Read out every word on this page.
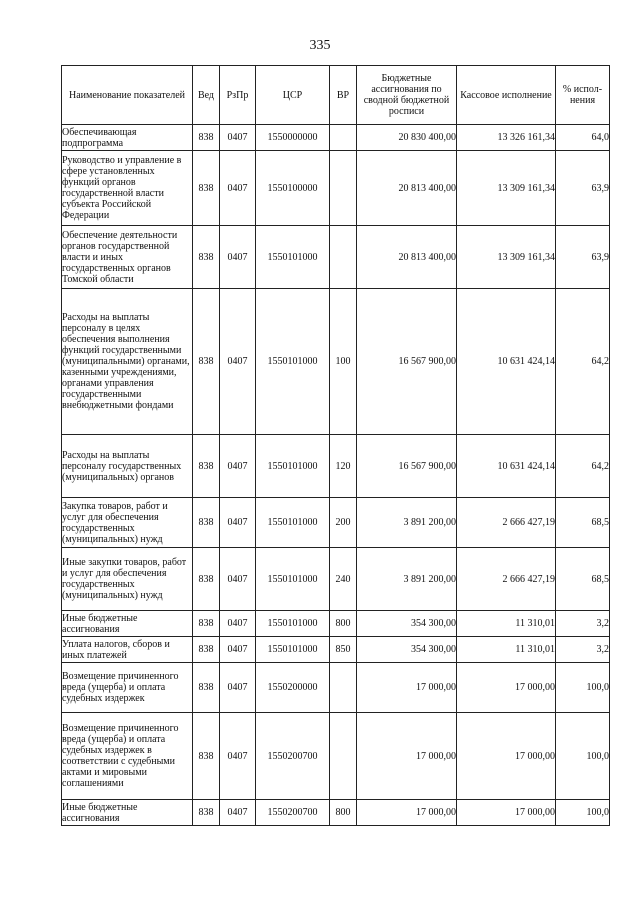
335
Наименование показателей	Вед	РзПр	ЦСР	ВР	Бюджетные ассигнования по сводной бюджетной росписи	Кассовое исполнение	% испол-нения
Обеспечивающая подпрограмма	838	0407	1550000000		20 830 400,00	13 326 161,34	64,0
Руководство и управление в сфере установленных функций органов государственной власти субъекта Российской Федерации	838	0407	1550100000		20 813 400,00	13 309 161,34	63,9
Обеспечение деятельности органов государственной власти и иных государственных органов Томской области	838	0407	1550101000		20 813 400,00	13 309 161,34	63,9
Расходы на выплаты персоналу в целях обеспечения выполнения функций государственными (муниципальными) органами, казенными учреждениями, органами управления государственными внебюджетными фондами	838	0407	1550101000	100	16 567 900,00	10 631 424,14	64,2
Расходы на выплаты персоналу государственных (муниципальных) органов	838	0407	1550101000	120	16 567 900,00	10 631 424,14	64,2
Закупка товаров, работ и услуг для обеспечения государственных (муниципальных) нужд	838	0407	1550101000	200	3 891 200,00	2 666 427,19	68,5
Иные закупки товаров, работ и услуг для обеспечения государственных (муниципальных) нужд	838	0407	1550101000	240	3 891 200,00	2 666 427,19	68,5
Иные бюджетные ассигнования	838	0407	1550101000	800	354 300,00	11 310,01	3,2
Уплата налогов, сборов и иных платежей	838	0407	1550101000	850	354 300,00	11 310,01	3,2
Возмещение причиненного вреда (ущерба) и оплата судебных издержек	838	0407	1550200000		17 000,00	17 000,00	100,0
Возмещение причиненного вреда (ущерба) и оплата судебных издержек в соответствии с судебными актами и мировыми соглашениями	838	0407	1550200700		17 000,00	17 000,00	100,0
Иные бюджетные ассигнования	838	0407	1550200700	800	17 000,00	17 000,00	100,0
